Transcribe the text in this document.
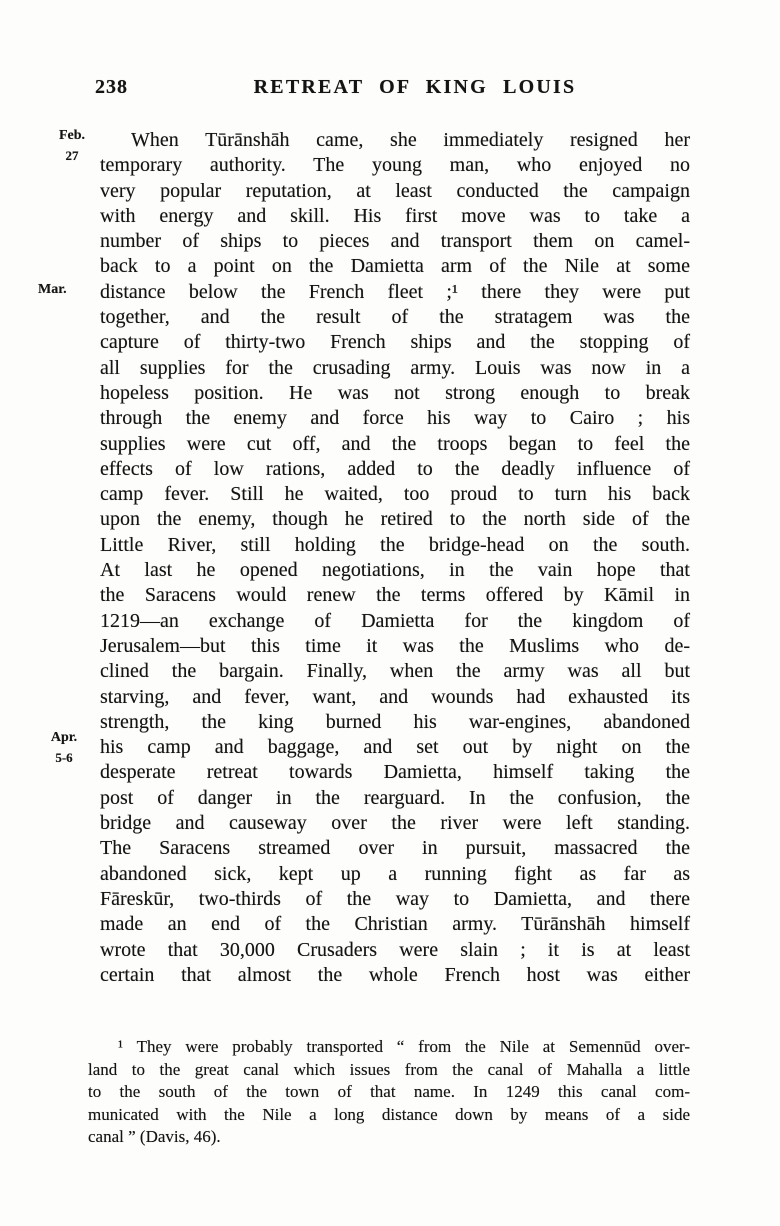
238	RETREAT OF KING LOUIS
Feb.
27
Mar.
Apr.
5-6
When Tūrānshāh came, she immediately resigned her
temporary authority. The young man, who enjoyed no
very popular reputation, at least conducted the campaign
with energy and skill. His first move was to take a
number of ships to pieces and transport them on camel-
back to a point on the Damietta arm of the Nile at some
distance below the French fleet ;¹ there they were put
together, and the result of the stratagem was the
capture of thirty-two French ships and the stopping of
all supplies for the crusading army. Louis was now in a
hopeless position. He was not strong enough to break
through the enemy and force his way to Cairo ; his
supplies were cut off, and the troops began to feel the
effects of low rations, added to the deadly influence of
camp fever. Still he waited, too proud to turn his back
upon the enemy, though he retired to the north side of the
Little River, still holding the bridge-head on the south.
At last he opened negotiations, in the vain hope that
the Saracens would renew the terms offered by Kāmil in
1219—an exchange of Damietta for the kingdom of
Jerusalem—but this time it was the Muslims who de-
clined the bargain. Finally, when the army was all but
starving, and fever, want, and wounds had exhausted its
strength, the king burned his war-engines, abandoned
his camp and baggage, and set out by night on the
desperate retreat towards Damietta, himself taking the
post of danger in the rearguard. In the confusion, the
bridge and causeway over the river were left standing.
The Saracens streamed over in pursuit, massacred the
abandoned sick, kept up a running fight as far as
Fāreskūr, two-thirds of the way to Damietta, and there
made an end of the Christian army. Tūrānshāh himself
wrote that 30,000 Crusaders were slain ; it is at least
certain that almost the whole French host was either
¹ They were probably transported “ from the Nile at Semennūd over-
land to the great canal which issues from the canal of Mahalla a little
to the south of the town of that name. In 1249 this canal com-
municated with the Nile a long distance down by means of a side
canal ” (Davis, 46).
